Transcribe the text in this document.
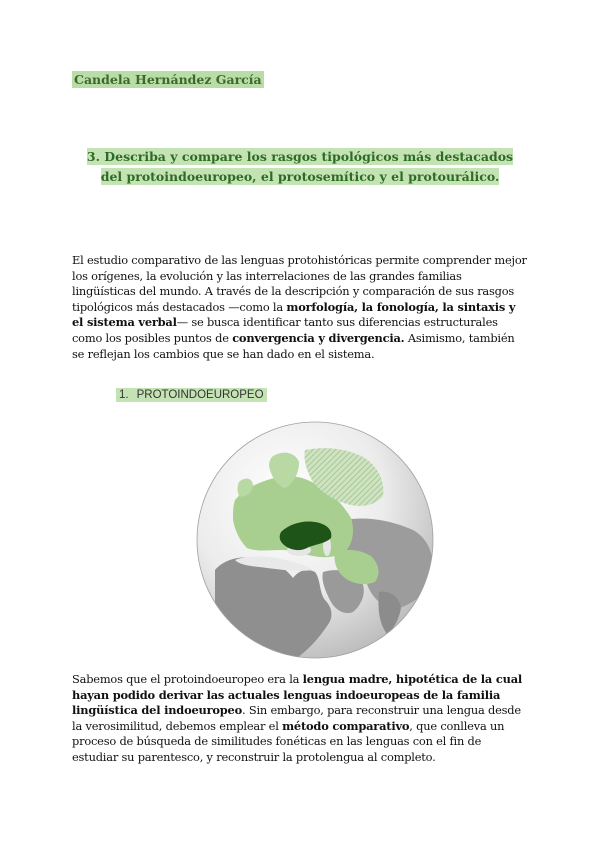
Candela Hernández García
3. Describa y compare los rasgos tipológicos más destacados del protoindoeuropeo, el protosemítico y el protourálico.

El estudio comparativo de las lenguas protohistóricas permite comprender mejor los orígenes, la evolución y las interrelaciones de las grandes familias lingüísticas del mundo. A través de la descripción y comparación de sus rasgos tipológicos más destacados —como la morfología, la fonología, la sintaxis y el sistema verbal— se busca identificar tanto sus diferencias estructurales como los posibles puntos de convergencia y divergencia. Asimismo, también se reflejan los cambios que se han dado en el sistema.

1. PROTOINDOEUROPEO

Sabemos que el protoindoeuropeo era la lengua madre, hipotética de la cual hayan podido derivar las actuales lenguas indoeuropeas de la familia lingüística del indoeuropeo. Sin embargo, para reconstruir una lengua desde la verosimilitud, debemos emplear el método comparativo, que conlleva un proceso de búsqueda de similitudes fonéticas en las lenguas con el fin de estudiar su parentesco, y reconstruir la protolengua al completo.
